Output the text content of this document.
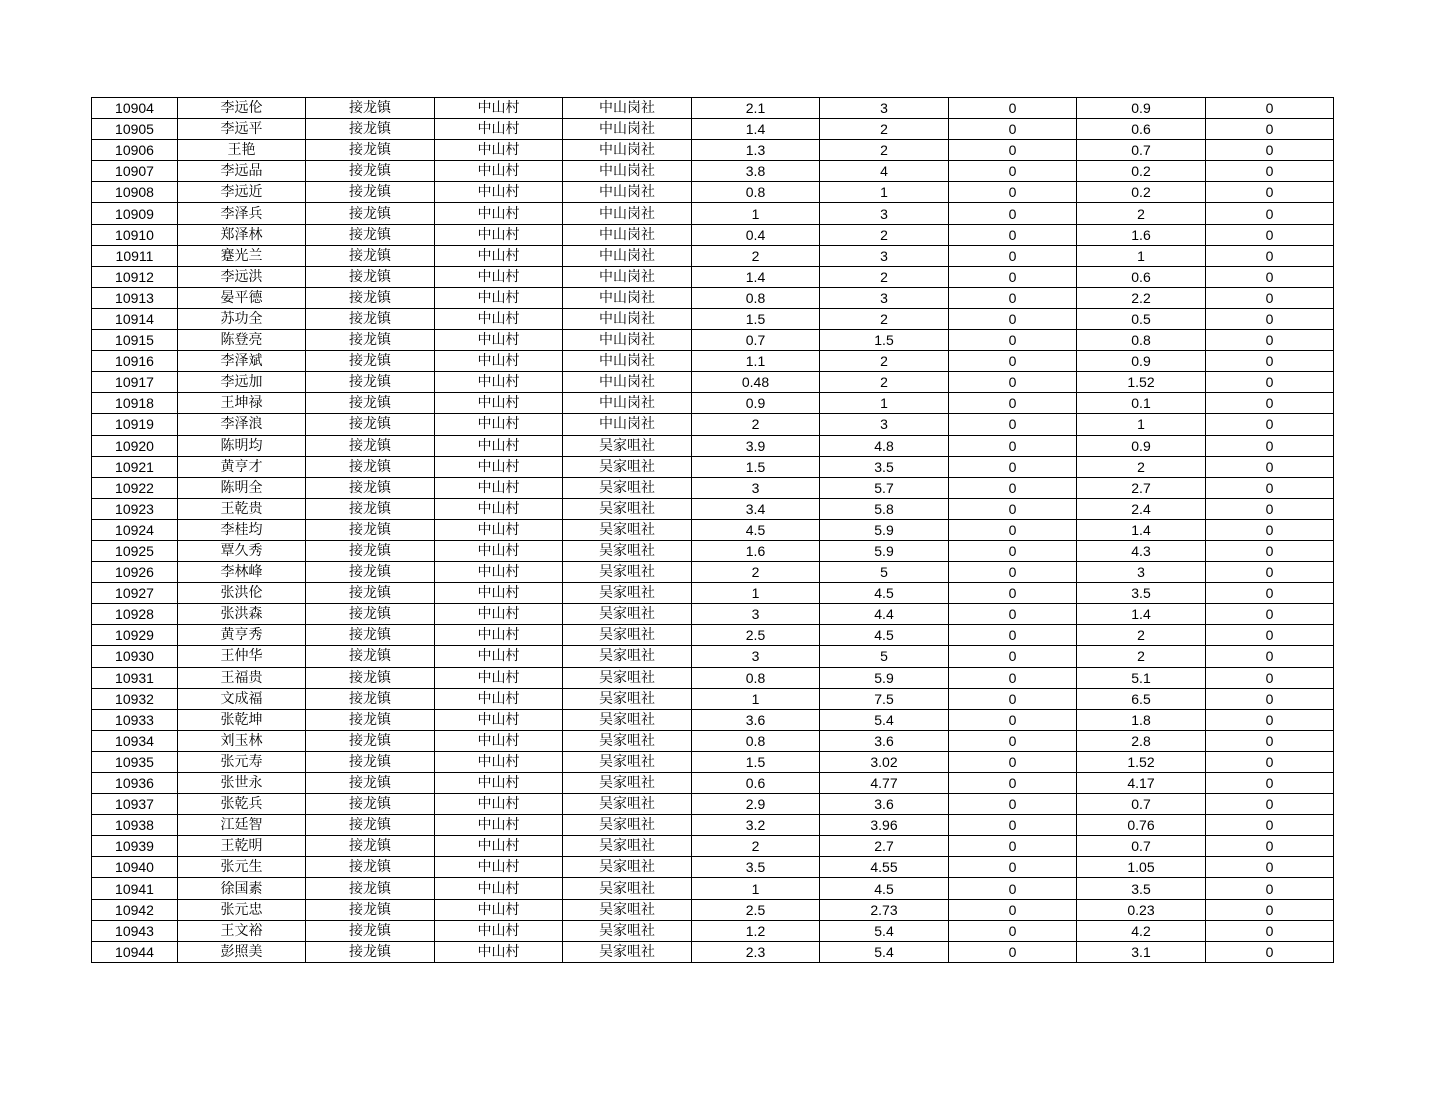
10904	李远伦	接龙镇	中山村	中山岗社	2.1	3	0	0.9	0
10905	李远平	接龙镇	中山村	中山岗社	1.4	2	0	0.6	0
10906	王艳	接龙镇	中山村	中山岗社	1.3	2	0	0.7	0
10907	李远品	接龙镇	中山村	中山岗社	3.8	4	0	0.2	0
10908	李远近	接龙镇	中山村	中山岗社	0.8	1	0	0.2	0
10909	李泽兵	接龙镇	中山村	中山岗社	1	3	0	2	0
10910	郑泽林	接龙镇	中山村	中山岗社	0.4	2	0	1.6	0
10911	蹇光兰	接龙镇	中山村	中山岗社	2	3	0	1	0
10912	李远洪	接龙镇	中山村	中山岗社	1.4	2	0	0.6	0
10913	晏平德	接龙镇	中山村	中山岗社	0.8	3	0	2.2	0
10914	苏功全	接龙镇	中山村	中山岗社	1.5	2	0	0.5	0
10915	陈登亮	接龙镇	中山村	中山岗社	0.7	1.5	0	0.8	0
10916	李泽斌	接龙镇	中山村	中山岗社	1.1	2	0	0.9	0
10917	李远加	接龙镇	中山村	中山岗社	0.48	2	0	1.52	0
10918	王坤禄	接龙镇	中山村	中山岗社	0.9	1	0	0.1	0
10919	李泽浪	接龙镇	中山村	中山岗社	2	3	0	1	0
10920	陈明均	接龙镇	中山村	吴家咀社	3.9	4.8	0	0.9	0
10921	黄亨才	接龙镇	中山村	吴家咀社	1.5	3.5	0	2	0
10922	陈明全	接龙镇	中山村	吴家咀社	3	5.7	0	2.7	0
10923	王乾贵	接龙镇	中山村	吴家咀社	3.4	5.8	0	2.4	0
10924	李桂均	接龙镇	中山村	吴家咀社	4.5	5.9	0	1.4	0
10925	覃久秀	接龙镇	中山村	吴家咀社	1.6	5.9	0	4.3	0
10926	李林峰	接龙镇	中山村	吴家咀社	2	5	0	3	0
10927	张洪伦	接龙镇	中山村	吴家咀社	1	4.5	0	3.5	0
10928	张洪森	接龙镇	中山村	吴家咀社	3	4.4	0	1.4	0
10929	黄亨秀	接龙镇	中山村	吴家咀社	2.5	4.5	0	2	0
10930	王仲华	接龙镇	中山村	吴家咀社	3	5	0	2	0
10931	王福贵	接龙镇	中山村	吴家咀社	0.8	5.9	0	5.1	0
10932	文成福	接龙镇	中山村	吴家咀社	1	7.5	0	6.5	0
10933	张乾坤	接龙镇	中山村	吴家咀社	3.6	5.4	0	1.8	0
10934	刘玉林	接龙镇	中山村	吴家咀社	0.8	3.6	0	2.8	0
10935	张元寿	接龙镇	中山村	吴家咀社	1.5	3.02	0	1.52	0
10936	张世永	接龙镇	中山村	吴家咀社	0.6	4.77	0	4.17	0
10937	张乾兵	接龙镇	中山村	吴家咀社	2.9	3.6	0	0.7	0
10938	江廷智	接龙镇	中山村	吴家咀社	3.2	3.96	0	0.76	0
10939	王乾明	接龙镇	中山村	吴家咀社	2	2.7	0	0.7	0
10940	张元生	接龙镇	中山村	吴家咀社	3.5	4.55	0	1.05	0
10941	徐国素	接龙镇	中山村	吴家咀社	1	4.5	0	3.5	0
10942	张元忠	接龙镇	中山村	吴家咀社	2.5	2.73	0	0.23	0
10943	王文裕	接龙镇	中山村	吴家咀社	1.2	5.4	0	4.2	0
10944	彭照美	接龙镇	中山村	吴家咀社	2.3	5.4	0	3.1	0
